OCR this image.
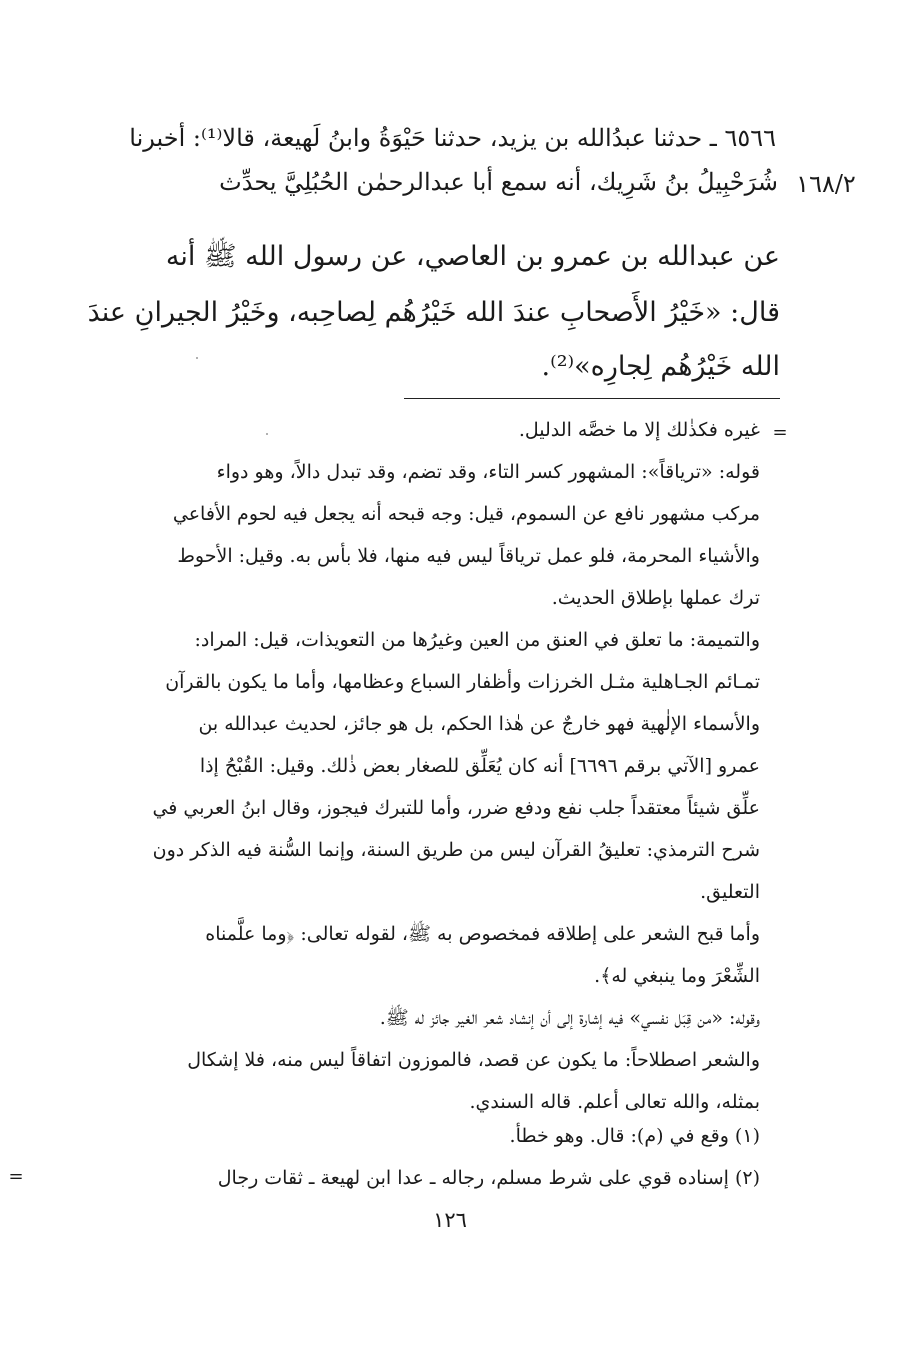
٦٥٦٦ ـ حدثنا عبدُالله بن يزيد، حدثنا حَيْوَةُ وابنُ لَهيعة، قالا⁽¹⁾: أخبرنا
شُرَحْبِيلُ بنُ شَرِيك، أنه سمع أبا عبدالرحمٰن الحُبُلِيَّ يحدِّث ١٦٨/٢
عن عبدالله بن عمرو بن العاصي، عن رسول الله ﷺ أنه
قال: «خَيْرُ الأَصحابِ عندَ الله خَيْرُهُم لِصاحِبه، وخَيْرُ الجيرانِ عندَ
الله خَيْرُهُم لِجارِه»⁽²⁾.
=
غيره فكذٰلك إلا ما خصَّه الدليل.
قوله: «ترياقاً»: المشهور كسر التاء، وقد تضم، وقد تبدل دالاً، وهو دواء
مركب مشهور نافع عن السموم، قيل: وجه قبحه أنه يجعل فيه لحوم الأفاعي
والأشياء المحرمة، فلو عمل ترياقاً ليس فيه منها، فلا بأس به. وقيل: الأحوط
ترك عملها بإطلاق الحديث.
والتميمة: ما تعلق في العنق من العين وغيرُها من التعويذات، قيل: المراد:
تمـائم الجـاهلية مثـل الخرزات وأظفار السباع وعظامها، وأما ما يكون بالقرآن
والأسماء الإلٰهية فهو خارجٌ عن هٰذا الحكم، بل هو جائز، لحديث عبدالله بن
عمرو [الآتي برقم ٦٦٩٦] أنه كان يُعَلِّق للصغار بعض ذٰلك. وقيل: القُبْحُ إذا
علِّق شيئاً معتقداً جلب نفع ودفع ضرر، وأما للتبرك فيجوز، وقال ابنُ العربي في
شرح الترمذي: تعليقُ القرآن ليس من طريق السنة، وإنما السُّنة فيه الذكر دون
التعليق.
وأما قبح الشعر على إطلاقه فمخصوص به ﷺ، لقوله تعالى: ﴿وما علَّمناه
الشِّعْرَ وما ينبغي له﴾.
وقوله: «من قِبَل نفسي» فيه إشارة إلى أن إنشاد شعر الغير جائز له ﷺ.
والشعر اصطلاحاً: ما يكون عن قصد، فالموزون اتفاقاً ليس منه، فلا إشكال
بمثله، والله تعالى أعلم. قاله السندي.
(١) وقع في (م): قال. وهو خطأ.
(٢) إسناده قوي على شرط مسلم، رجاله ـ عدا ابن لهيعة ـ ثقات رجال
=
١٢٦
